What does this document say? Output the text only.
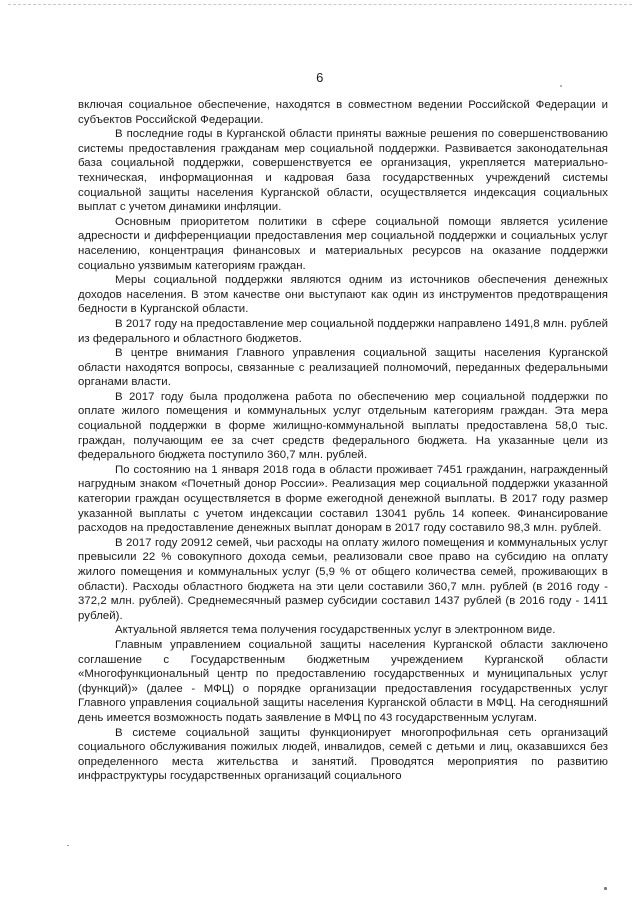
6

включая социальное обеспечение, находятся в совместном ведении Российской Федерации и субъектов Российской Федерации.

В последние годы в Курганской области приняты важные решения по совершенствованию системы предоставления гражданам мер социальной поддержки. Развивается законодательная база социальной поддержки, совершенствуется ее организация, укрепляется материально-техническая, информационная и кадровая база государственных учреждений системы социальной защиты населения Курганской области, осуществляется индексация социальных выплат с учетом динамики инфляции.

Основным приоритетом политики в сфере социальной помощи является усиление адресности и дифференциации предоставления мер социальной поддержки и социальных услуг населению, концентрация финансовых и материальных ресурсов на оказание поддержки социально уязвимым категориям граждан.

Меры социальной поддержки являются одним из источников обеспечения денежных доходов населения. В этом качестве они выступают как один из инструментов предотвращения бедности в Курганской области.

В 2017 году на предоставление мер социальной поддержки направлено 1491,8 млн. рублей из федерального и областного бюджетов.

В центре внимания Главного управления социальной защиты населения Курганской области находятся вопросы, связанные с реализацией полномочий, переданных федеральными органами власти.

В 2017 году была продолжена работа по обеспечению мер социальной поддержки по оплате жилого помещения и коммунальных услуг отдельным категориям граждан. Эта мера социальной поддержки в форме жилищно-коммунальной выплаты предоставлена 58,0 тыс. граждан, получающим ее за счет средств федерального бюджета. На указанные цели из федерального бюджета поступило 360,7 млн. рублей.

По состоянию на 1 января 2018 года в области проживает 7451 гражданин, награжденный нагрудным знаком «Почетный донор России». Реализация мер социальной поддержки указанной категории граждан осуществляется в форме ежегодной денежной выплаты. В 2017 году размер указанной выплаты с учетом индексации составил 13041 рубль 14 копеек. Финансирование расходов на предоставление денежных выплат донорам в 2017 году составило 98,3 млн. рублей.

В 2017 году 20912 семей, чьи расходы на оплату жилого помещения и коммунальных услуг превысили 22 % совокупного дохода семьи, реализовали свое право на субсидию на оплату жилого помещения и коммунальных услуг (5,9 % от общего количества семей, проживающих в области). Расходы областного бюджета на эти цели составили 360,7 млн. рублей (в 2016 году - 372,2 млн. рублей). Среднемесячный размер субсидии составил 1437 рублей (в 2016 году - 1411 рублей).

Актуальной является тема получения государственных услуг в электронном виде.

Главным управлением социальной защиты населения Курганской области заключено соглашение с Государственным бюджетным учреждением Курганской области «Многофункциональный центр по предоставлению государственных и муниципальных услуг (функций)» (далее - МФЦ) о порядке организации предоставления государственных услуг Главного управления социальной защиты населения Курганской области в МФЦ. На сегодняшний день имеется возможность подать заявление в МФЦ по 43 государственным услугам.

В системе социальной защиты функционирует многопрофильная сеть организаций социального обслуживания пожилых людей, инвалидов, семей с детьми и лиц, оказавшихся без определенного места жительства и занятий. Проводятся мероприятия по развитию инфраструктуры государственных организаций социального
